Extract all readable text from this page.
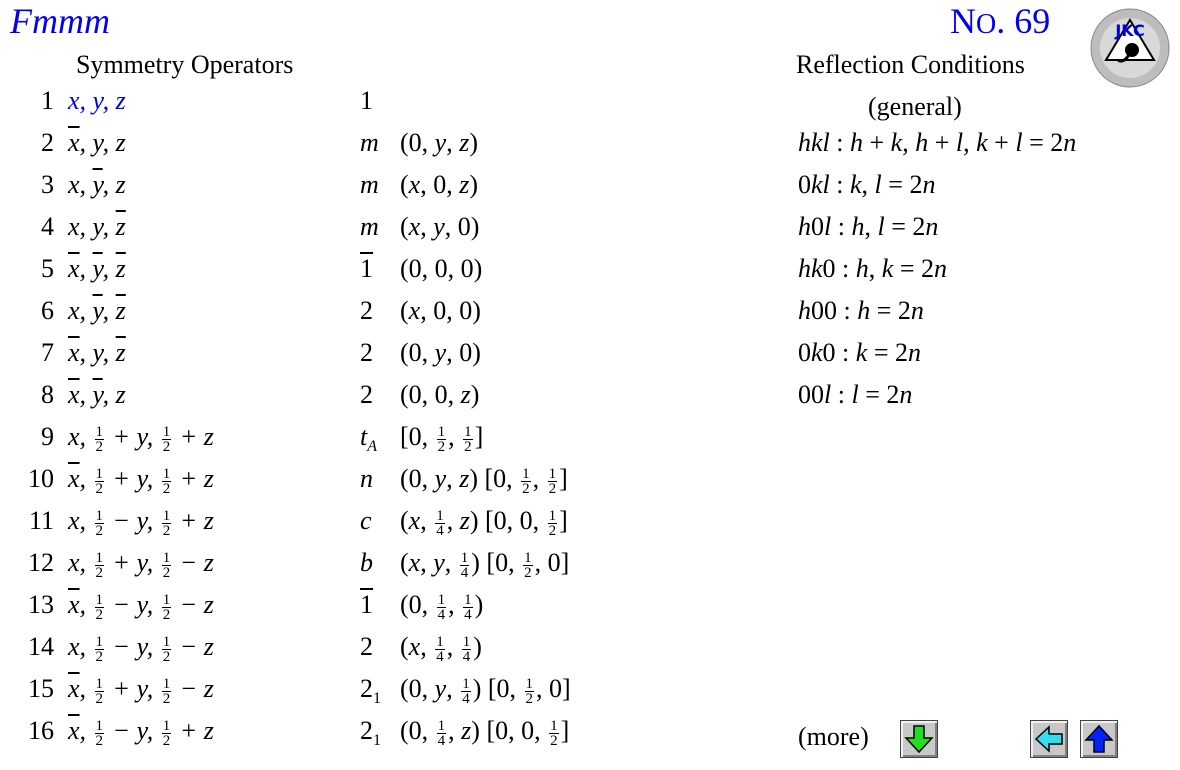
Fmmm	NO. 69	JKC
Symmetry Operators	Reflection Conditions
(general)
1 x, y, z	1
2 $\overline{x}$, y, z	m (0, y, z)
3 x, $\overline{y}$, z	m (x, 0, z)
4 x, y, $\overline{z}$	m (x, y, 0)
5 $\overline{x}$, $\overline{y}$, $\overline{z}$	1 (0, 0, 0)
6 x, $\overline{y}$, $\overline{z}$	2 (x, 0, 0)
7 $\overline{x}$, y, $\overline{z}$	2 (0, y, 0)
8 $\overline{x}$, $\overline{y}$, z	2 (0, 0, z)
9 x, $\frac{1}{2} + y$, $\frac{1}{2} + z$	$t_A$ [0, $\frac{1}{2}$ , $\frac{1}{2}$ ]
10 $\overline{x}$, $\frac{1}{2} + y$, $\frac{1}{2} + z$	n (0, y, z) [0, $\frac{1}{2}$ , $\frac{1}{2}$ ]
11 x, $\frac{1}{2} - y$, $\frac{1}{2} + z$	c (x, $\frac{1}{4}$ , z) [0, 0, $\frac{1}{2}$ ]
12 x, $\frac{1}{2} + y$, $\frac{1}{2} - z$	b (x, y, $\frac{1}{4}$ ) [0, $\frac{1}{2}$ , 0]
13 $\overline{x}$, $\frac{1}{2} - y$, $\frac{1}{2} - z$	1 (0, $\frac{1}{4}$ , $\frac{1}{4}$ )
14 x, $\frac{1}{2} - y$, $\frac{1}{2} - z$	2 (x, $\frac{1}{4}$ , $\frac{1}{4}$ )
15 $\overline{x}$, $\frac{1}{2} + y$, $\frac{1}{2} - z$	$2_1$ (0, y, $\frac{1}{4}$ ) [0, $\frac{1}{2}$ , 0]
16 $\overline{x}$, $\frac{1}{2} - y$, $\frac{1}{2} + z$	$2_1$ (0, $\frac{1}{4}$ , z) [0, 0, $\frac{1}{2}$ ]
hkl : h + k, h + l, k + l = 2n
0kl : k, l = 2n
h0l : h, l = 2n
hk0 : h, k = 2n
h00 : h = 2n
0k0 : k = 2n
00l : l = 2n
(more)
